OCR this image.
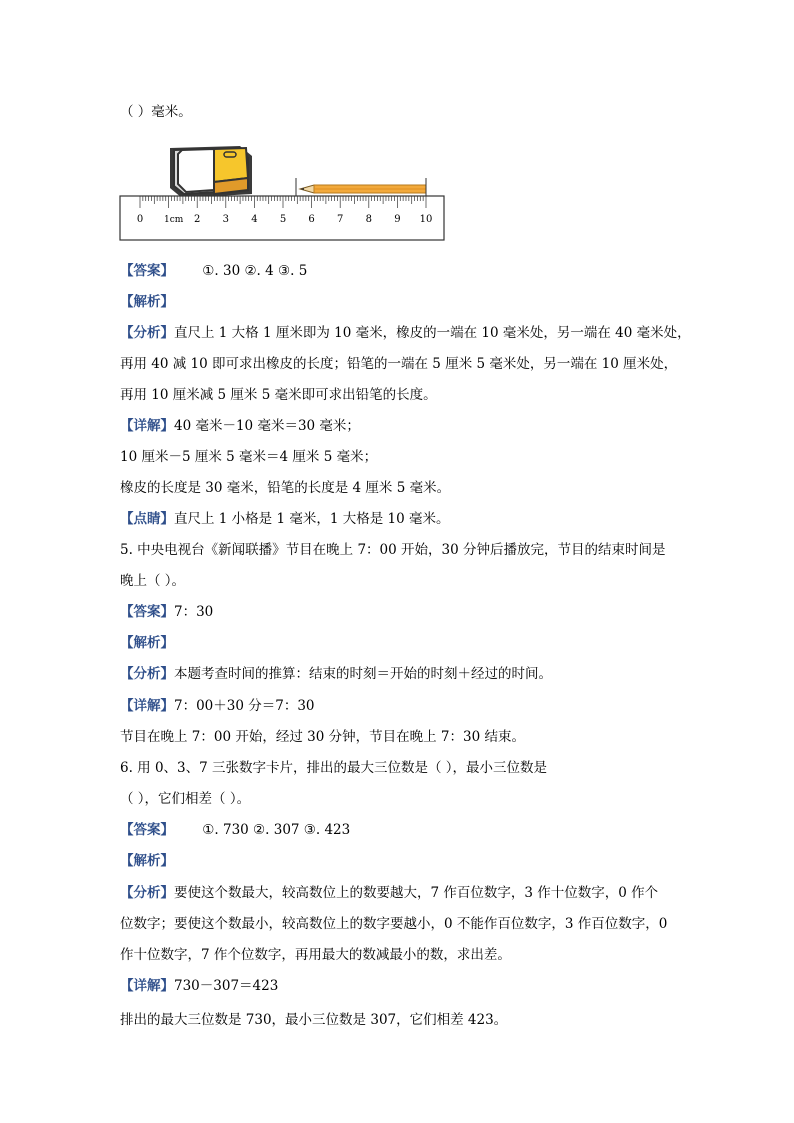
（ ）毫米。
0	2 3 4 5 6 7 8 9 10
1cm
【答案】 ①. 30 ②. 4 ③. 5
【解析】
【分析】直尺上 1 大格 1 厘米即为 10 毫米，橡皮的一端在 10 毫米处，另一端在 40 毫米处，
再用 40 减 10 即可求出橡皮的长度；铅笔的一端在 5 厘米 5 毫米处，另一端在 10 厘米处，
再用 10 厘米减 5 厘米 5 毫米即可求出铅笔的长度。
【详解】40 毫米－10 毫米＝30 毫米；
10 厘米－5 厘米 5 毫米＝4 厘米 5 毫米；
橡皮的长度是 30 毫米，铅笔的长度是 4 厘米 5 毫米。
【点睛】直尺上 1 小格是 1 毫米，1 大格是 10 毫米。
5. 中央电视台《新闻联播》节目在晚上 7：00 开始，30 分钟后播放完，节目的结束时间是
晚上（ ）。
【答案】7：30
【解析】
【分析】本题考查时间的推算：结束的时刻＝开始的时刻＋经过的时间。
【详解】7：00＋30 分＝7：30
节目在晚上 7：00 开始，经过 30 分钟，节目在晚上 7：30 结束。
6. 用 0、3、7 三张数字卡片，排出的最大三位数是（ ），最小三位数是
（ ），它们相差（ ）。
【答案】 ①. 730 ②. 307 ③. 423
【解析】
【分析】要使这个数最大，较高数位上的数要越大，7 作百位数字，3 作十位数字，0 作个
位数字；要使这个数最小，较高数位上的数字要越小，0 不能作百位数字，3 作百位数字，0
作十位数字，7 作个位数字，再用最大的数减最小的数，求出差。
【详解】730－307＝423
排出的最大三位数是 730，最小三位数是 307，它们相差 423。
